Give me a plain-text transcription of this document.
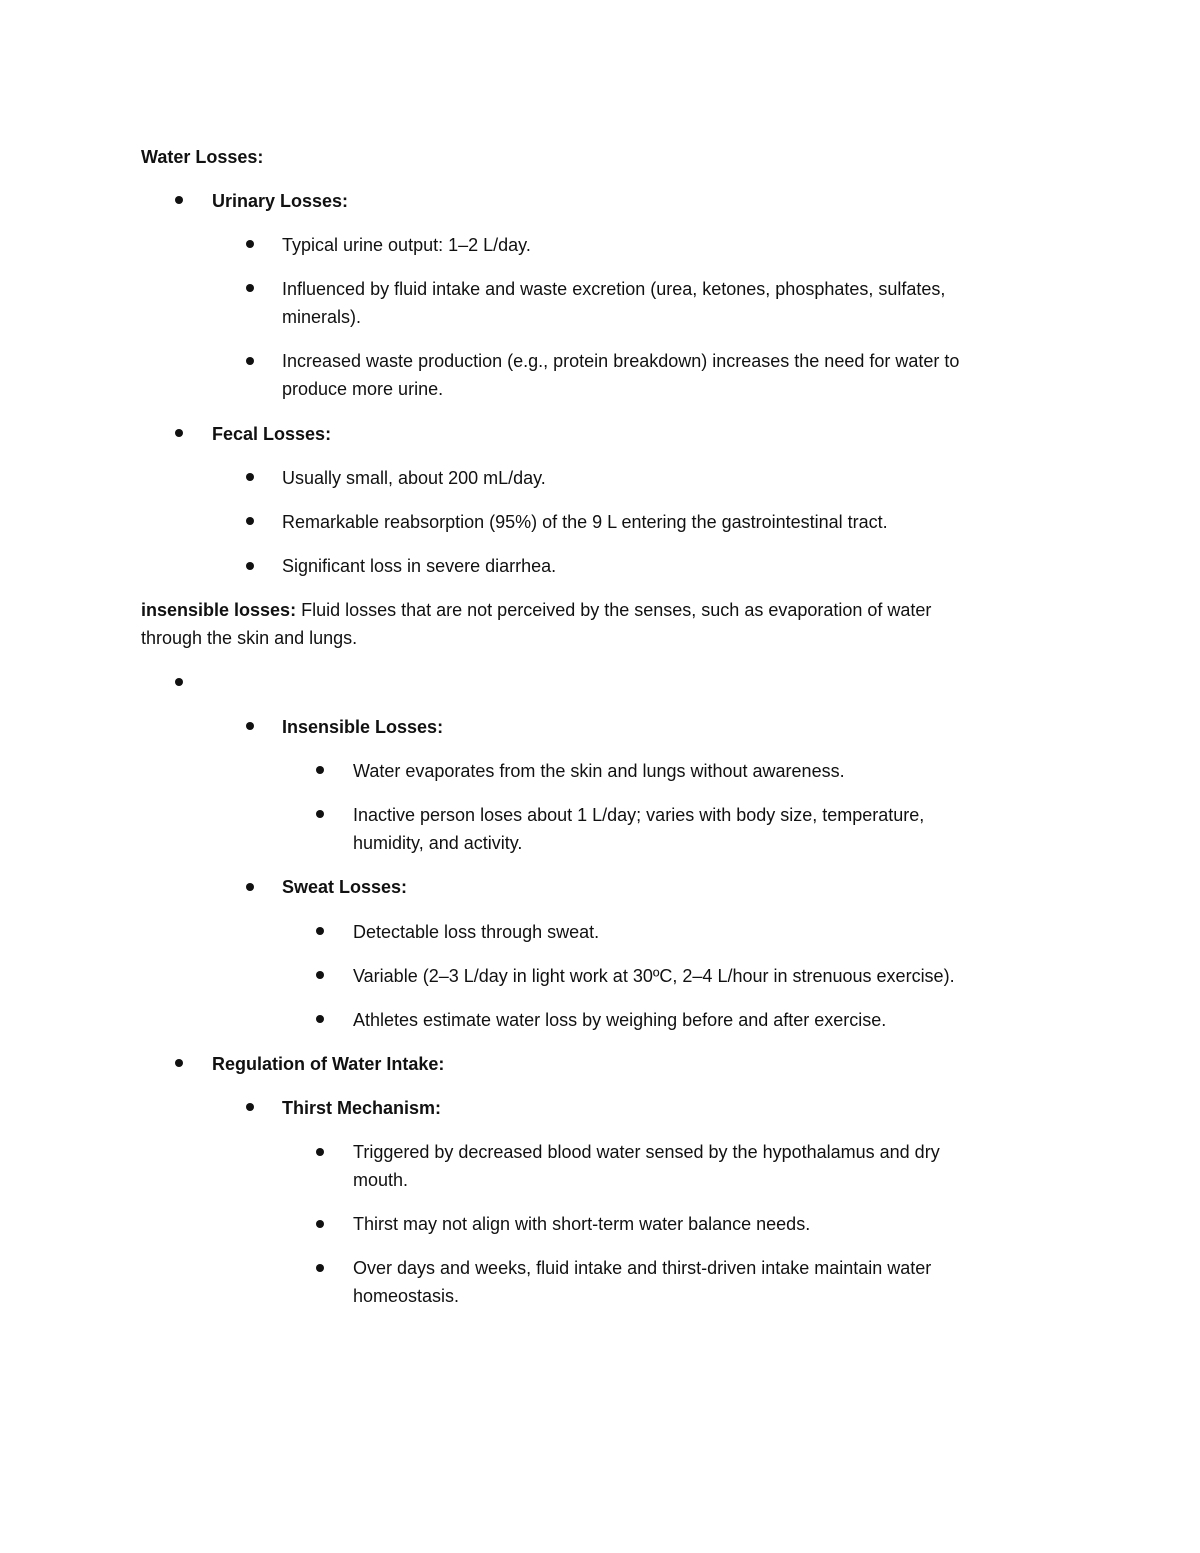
Water Losses:
Urinary Losses:
Typical urine output: 1–2 L/day.
Influenced by fluid intake and waste excretion (urea, ketones, phosphates, sulfates,
minerals).
Increased waste production (e.g., protein breakdown) increases the need for water to
produce more urine.
Fecal Losses:
Usually small, about 200 mL/day.
Remarkable reabsorption (95%) of the 9 L entering the gastrointestinal tract.
Significant loss in severe diarrhea.
insensible losses: Fluid losses that are not perceived by the senses, such as evaporation of water
through the skin and lungs.
Insensible Losses:
Water evaporates from the skin and lungs without awareness.
Inactive person loses about 1 L/day; varies with body size, temperature,
humidity, and activity.
Sweat Losses:
Detectable loss through sweat.
Variable (2–3 L/day in light work at 30ºC, 2–4 L/hour in strenuous exercise).
Athletes estimate water loss by weighing before and after exercise.
Regulation of Water Intake:
Thirst Mechanism:
Triggered by decreased blood water sensed by the hypothalamus and dry
mouth.
Thirst may not align with short-term water balance needs.
Over days and weeks, fluid intake and thirst-driven intake maintain water
homeostasis.
